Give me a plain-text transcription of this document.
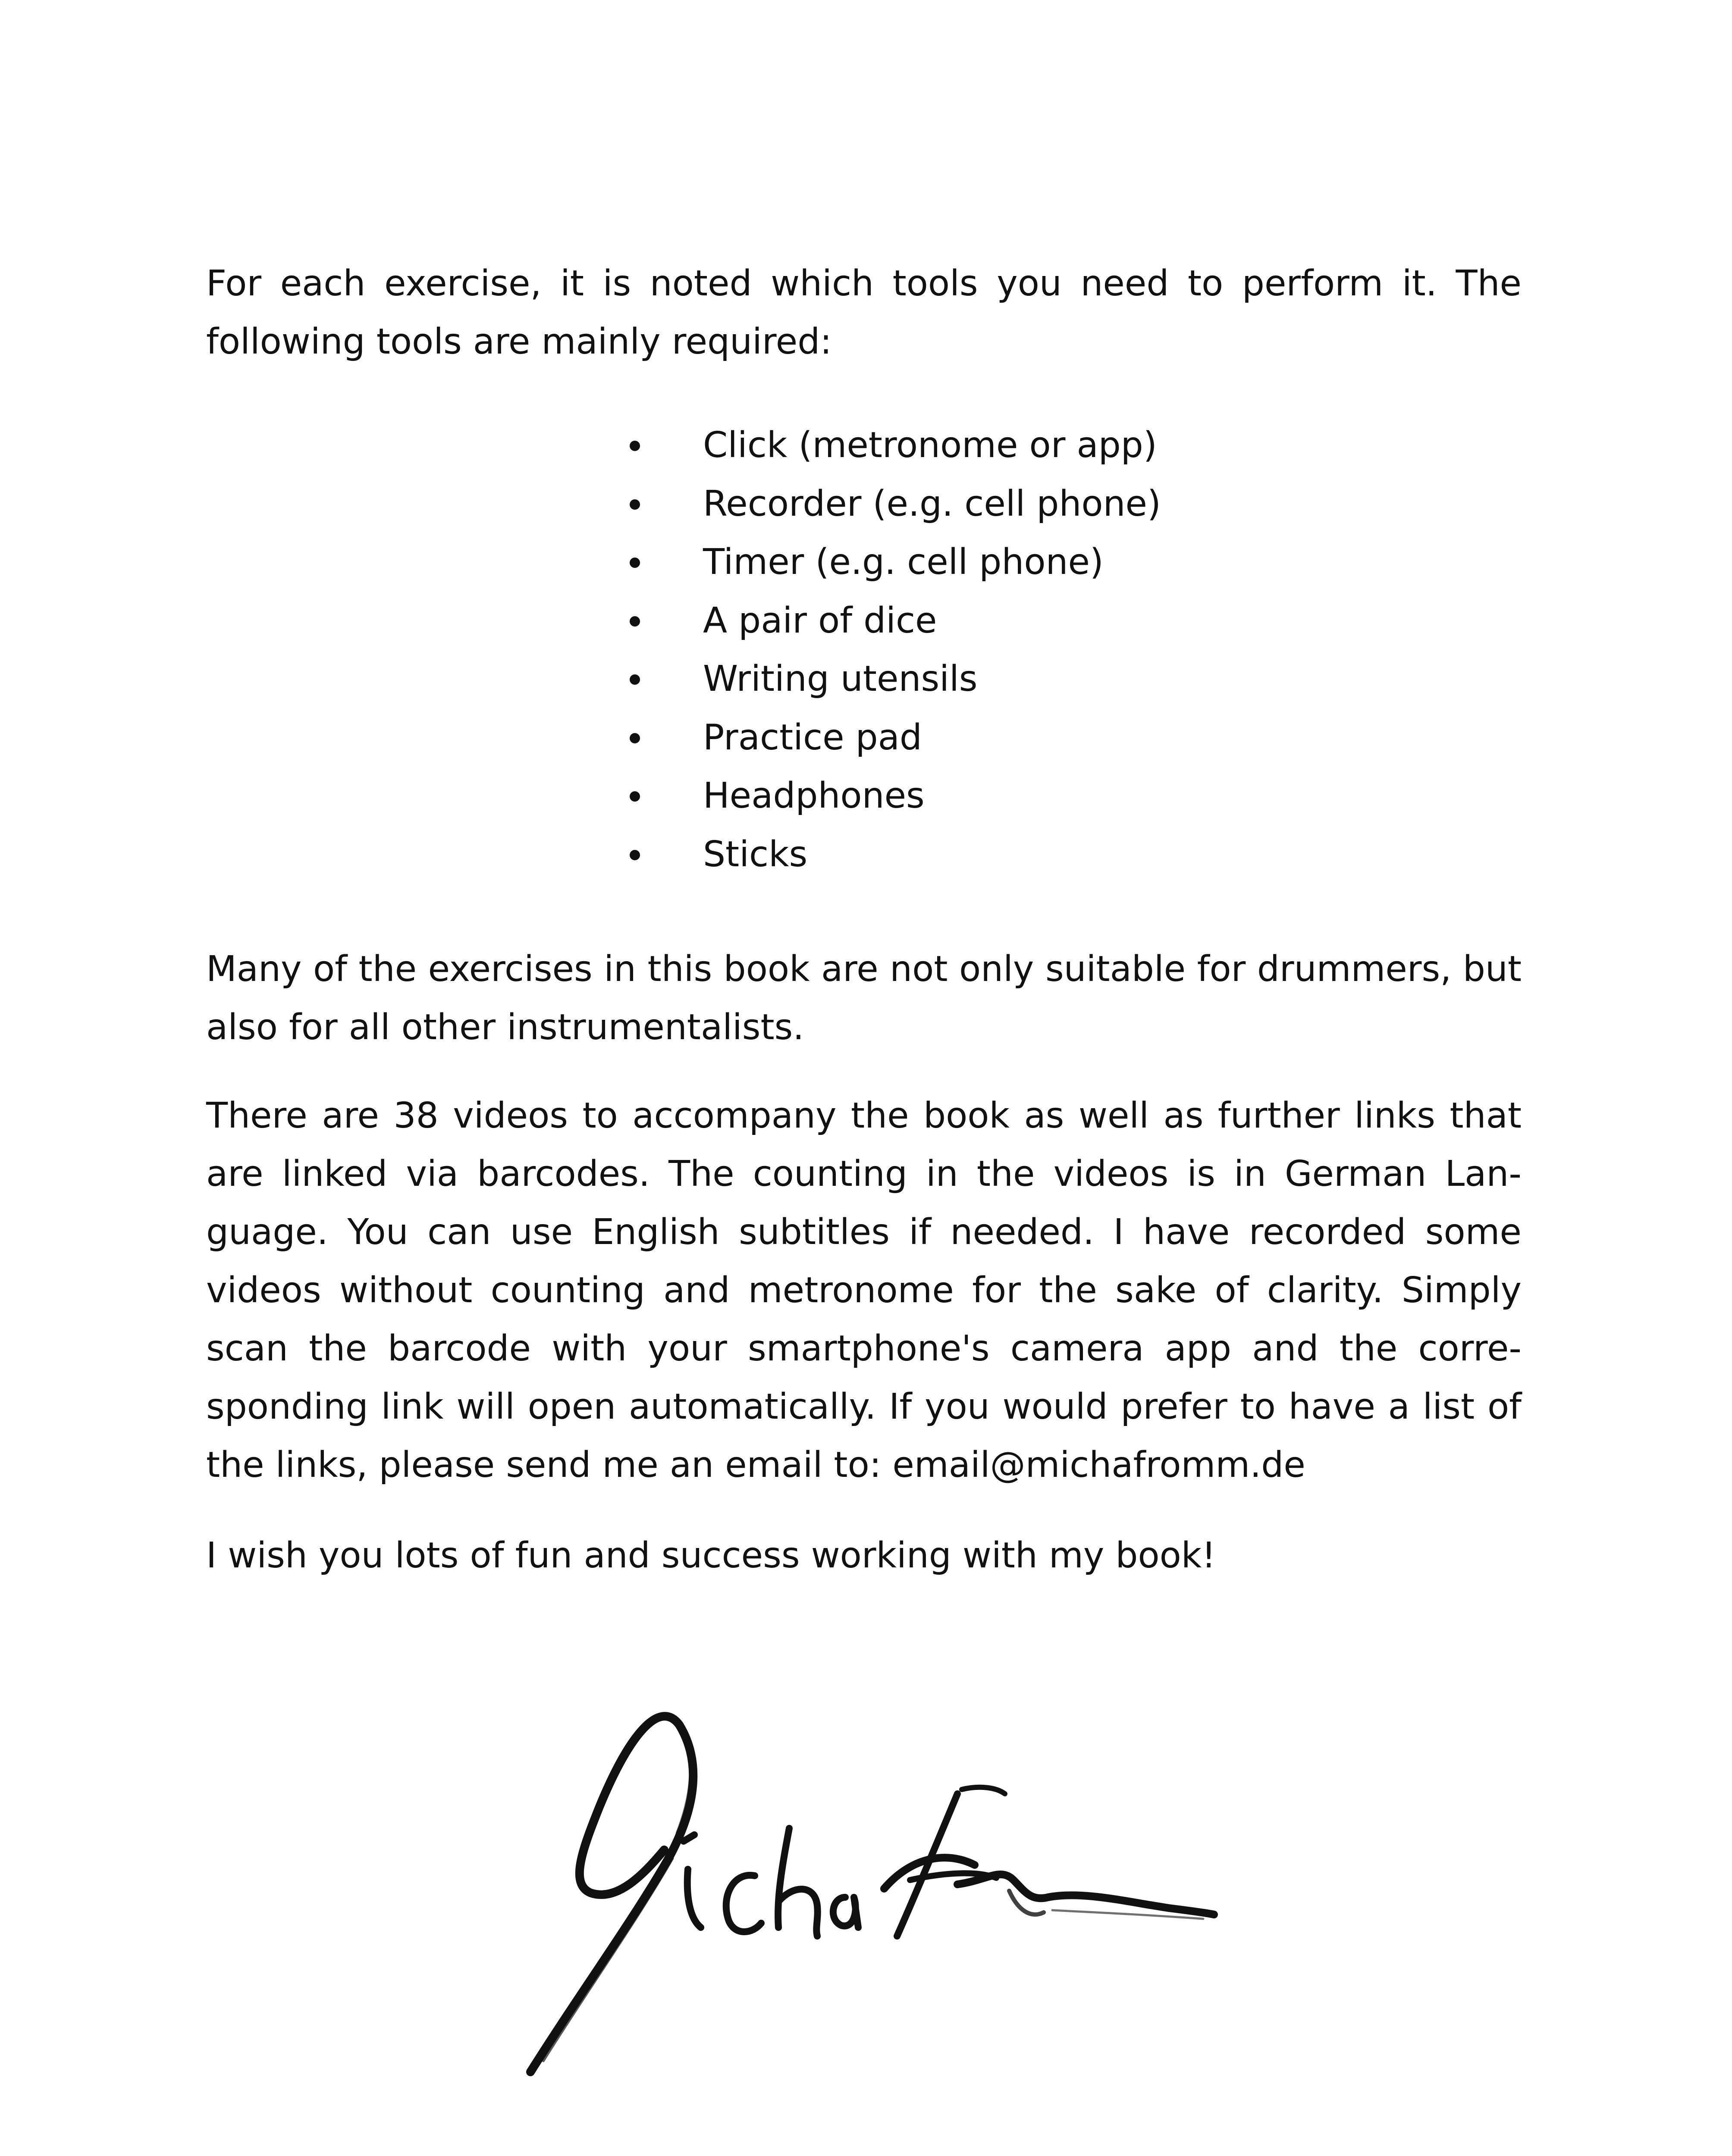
For each exercise, it is noted which tools you need to perform it. The following tools are mainly required:

Click (metronome or app)
Recorder (e.g. cell phone)
Timer (e.g. cell phone)
A pair of dice
Writing utensils
Practice pad
Headphones
Sticks

Many of the exercises in this book are not only suitable for drummers, but also for all other instrumentalists.

There are 38 videos to accompany the book as well as further links that are linked via barcodes. The counting in the videos is in German Lan-guage. You can use English subtitles if needed. I have recorded some videos without counting and metronome for the sake of clarity. Simply scan the barcode with your smartphone's camera app and the corre-sponding link will open automatically. If you would prefer to have a list of the links, please send me an email to: email@michafromm.de

I wish you lots of fun and success working with my book!
